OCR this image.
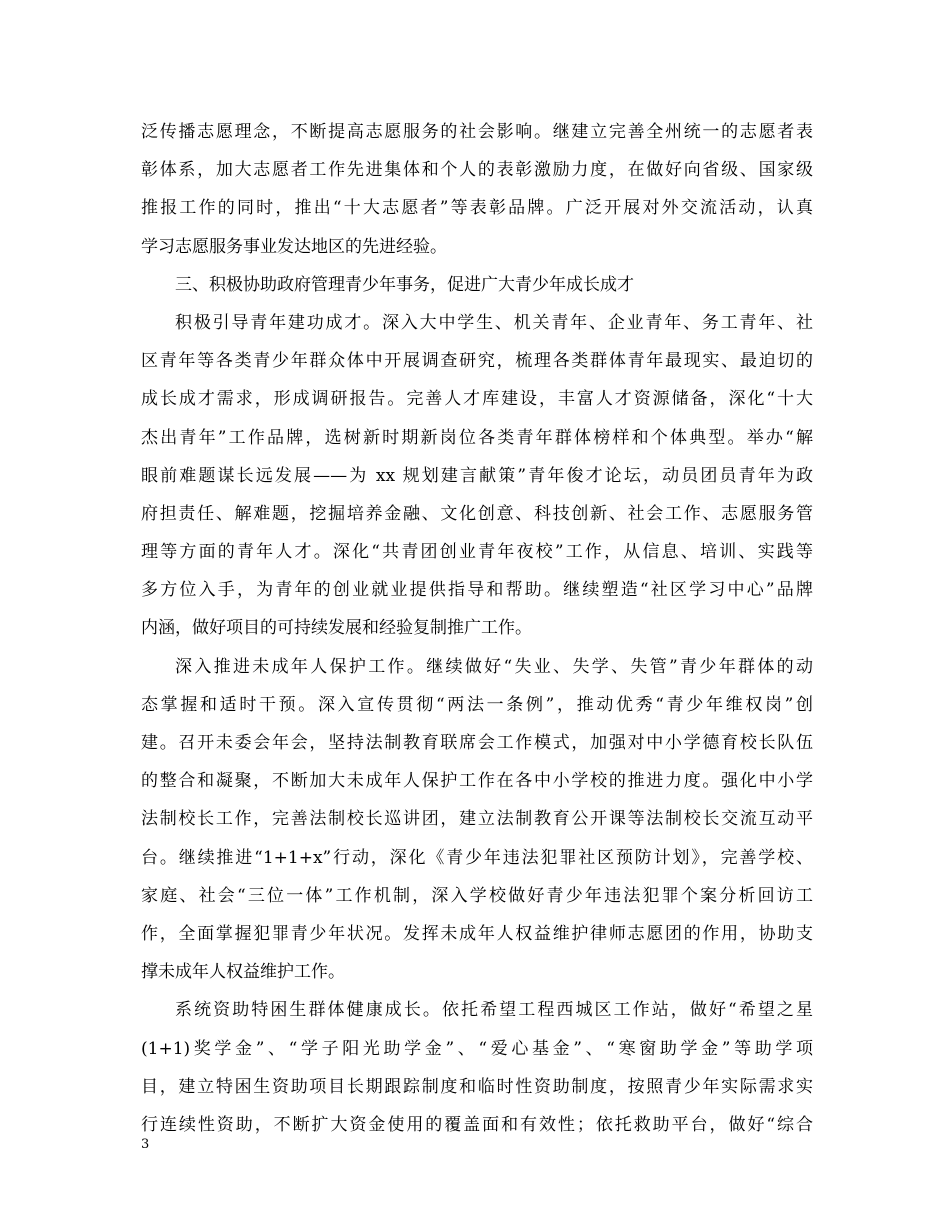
泛传播志愿理念，不断提高志愿服务的社会影响。继建立完善全州统一的志愿者表
彰体系，加大志愿者工作先进集体和个人的表彰激励力度，在做好向省级、国家级
推报工作的同时，推出“十大志愿者”等表彰品牌。广泛开展对外交流活动，认真
学习志愿服务事业发达地区的先进经验。
三、积极协助政府管理青少年事务，促进广大青少年成长成才
积极引导青年建功成才。深入大中学生、机关青年、企业青年、务工青年、社
区青年等各类青少年群众体中开展调查研究，梳理各类群体青年最现实、最迫切的
成长成才需求，形成调研报告。完善人才库建设，丰富人才资源储备，深化“十大
杰出青年”工作品牌，选树新时期新岗位各类青年群体榜样和个体典型。举办“解
眼前难题谋长远发展——为 xx 规划建言献策”青年俊才论坛，动员团员青年为政
府担责任、解难题，挖掘培养金融、文化创意、科技创新、社会工作、志愿服务管
理等方面的青年人才。深化“共青团创业青年夜校”工作，从信息、培训、实践等
多方位入手，为青年的创业就业提供指导和帮助。继续塑造“社区学习中心”品牌
内涵，做好项目的可持续发展和经验复制推广工作。
深入推进未成年人保护工作。继续做好“失业、失学、失管”青少年群体的动
态掌握和适时干预。深入宣传贯彻“两法一条例”，推动优秀“青少年维权岗”创
建。召开未委会年会，坚持法制教育联席会工作模式，加强对中小学德育校长队伍
的整合和凝聚，不断加大未成年人保护工作在各中小学校的推进力度。强化中小学
法制校长工作，完善法制校长巡讲团，建立法制教育公开课等法制校长交流互动平
台。继续推进“1+1+x”行动，深化《青少年违法犯罪社区预防计划》，完善学校、
家庭、社会“三位一体”工作机制，深入学校做好青少年违法犯罪个案分析回访工
作，全面掌握犯罪青少年状况。发挥未成年人权益维护律师志愿团的作用，协助支
撑未成年人权益维护工作。
系统资助特困生群体健康成长。依托希望工程西城区工作站，做好“希望之星
(1+1)奖学金”、“学子阳光助学金”、“爱心基金”、“寒窗助学金”等助学项
目，建立特困生资助项目长期跟踪制度和临时性资助制度，按照青少年实际需求实
行连续性资助，不断扩大资金使用的覆盖面和有效性；依托救助平台，做好“综合
3
